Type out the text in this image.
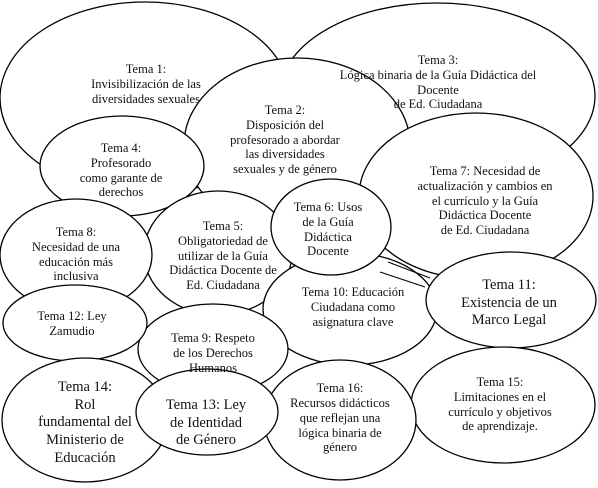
Tema 1:
Invisibilización de las
diversidades sexuales
Tema 3:
Lógica binaria de la Guía Didáctica del
Docente
de Ed. Ciudadana
Tema 2:
Disposición del
profesorado a abordar
las diversidades
sexuales y de género	Tema 7: Necesidad de
actualización y cambios en
el currículo y la Guía
Didáctica Docente
de Ed. Ciudadana
Tema 4:
Profesorado
como garante de
derechos
Tema 8:
Necesidad de una
educación más
inclusiva
Tema 5:
Obligatoriedad de
utilizar de la Guía
Didáctica Docente de
Ed. Ciudadana
Tema 6: Usos
de la Guía
Didáctica
Docente
Tema 11:
Existencia de un
Marco Legal
Tema 10: Educación
Ciudadana como
asignatura clave
Tema 12: Ley
Zamudio
Tema 9: Respeto
de los Derechos
Humanos
Tema 14:
Rol
fundamental del
Ministerio de
Educación
Tema 13: Ley
de Identidad
de Género
Tema 16:
Recursos didácticos
que reflejan una
lógica binaria de
género
Tema 15:
Limitaciones en el
currículo y objetivos
de aprendizaje.
